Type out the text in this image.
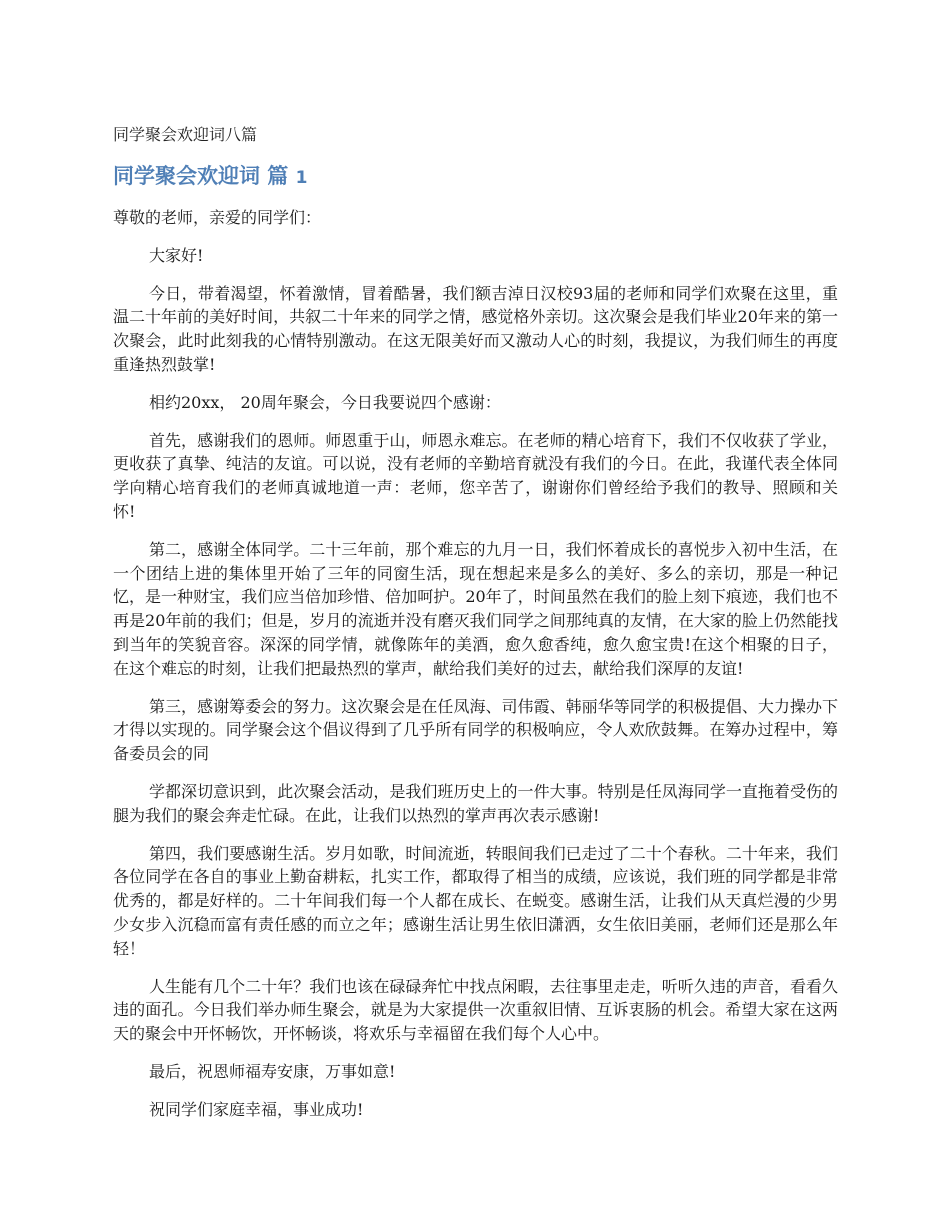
同学聚会欢迎词八篇
同学聚会欢迎词 篇 1

尊敬的老师，亲爱的同学们：

大家好!

今日，带着渴望，怀着激情，冒着酷暑，我们额吉淖日汉校93届的老师和同学们欢聚在这里，重温二十年前的美好时间，共叙二十年来的同学之情，感觉格外亲切。这次聚会是我们毕业20年来的第一次聚会，此时此刻我的心情特别激动。在这无限美好而又激动人心的时刻，我提议，为我们师生的再度重逢热烈鼓掌!

相约20xx， 20周年聚会，今日我要说四个感谢：

首先，感谢我们的恩师。师恩重于山，师恩永难忘。在老师的精心培育下，我们不仅收获了学业，更收获了真挚、纯洁的友谊。可以说，没有老师的辛勤培育就没有我们的今日。在此，我谨代表全体同学向精心培育我们的老师真诚地道一声：老师，您辛苦了，谢谢你们曾经给予我们的教导、照顾和关怀!

第二，感谢全体同学。二十三年前，那个难忘的九月一日，我们怀着成长的喜悦步入初中生活，在一个团结上进的集体里开始了三年的同窗生活，现在想起来是多么的美好、多么的亲切，那是一种记忆，是一种财宝，我们应当倍加珍惜、倍加呵护。20年了，时间虽然在我们的脸上刻下痕迹，我们也不再是20年前的我们；但是，岁月的流逝并没有磨灭我们同学之间那纯真的友情，在大家的脸上仍然能找到当年的笑貌音容。深深的同学情，就像陈年的美酒，愈久愈香纯，愈久愈宝贵!在这个相聚的日子，在这个难忘的时刻，让我们把最热烈的掌声，献给我们美好的过去，献给我们深厚的友谊!

第三，感谢筹委会的努力。这次聚会是在任凤海、司伟霞、韩丽华等同学的积极提倡、大力操办下才得以实现的。同学聚会这个倡议得到了几乎所有同学的积极响应，令人欢欣鼓舞。在筹办过程中，筹备委员会的同

学都深切意识到，此次聚会活动，是我们班历史上的一件大事。特别是任凤海同学一直拖着受伤的腿为我们的聚会奔走忙碌。在此，让我们以热烈的掌声再次表示感谢!

第四，我们要感谢生活。岁月如歌，时间流逝，转眼间我们已走过了二十个春秋。二十年来，我们各位同学在各自的事业上勤奋耕耘，扎实工作，都取得了相当的成绩，应该说，我们班的同学都是非常优秀的，都是好样的。二十年间我们每一个人都在成长、在蜕变。感谢生活，让我们从天真烂漫的少男少女步入沉稳而富有责任感的而立之年；感谢生活让男生依旧潇洒，女生依旧美丽，老师们还是那么年轻！

人生能有几个二十年？我们也该在碌碌奔忙中找点闲暇，去往事里走走，听听久违的声音，看看久违的面孔。今日我们举办师生聚会，就是为大家提供一次重叙旧情、互诉衷肠的机会。希望大家在这两天的聚会中开怀畅饮，开怀畅谈，将欢乐与幸福留在我们每个人心中。

最后，祝恩师福寿安康，万事如意!

祝同学们家庭幸福，事业成功!
